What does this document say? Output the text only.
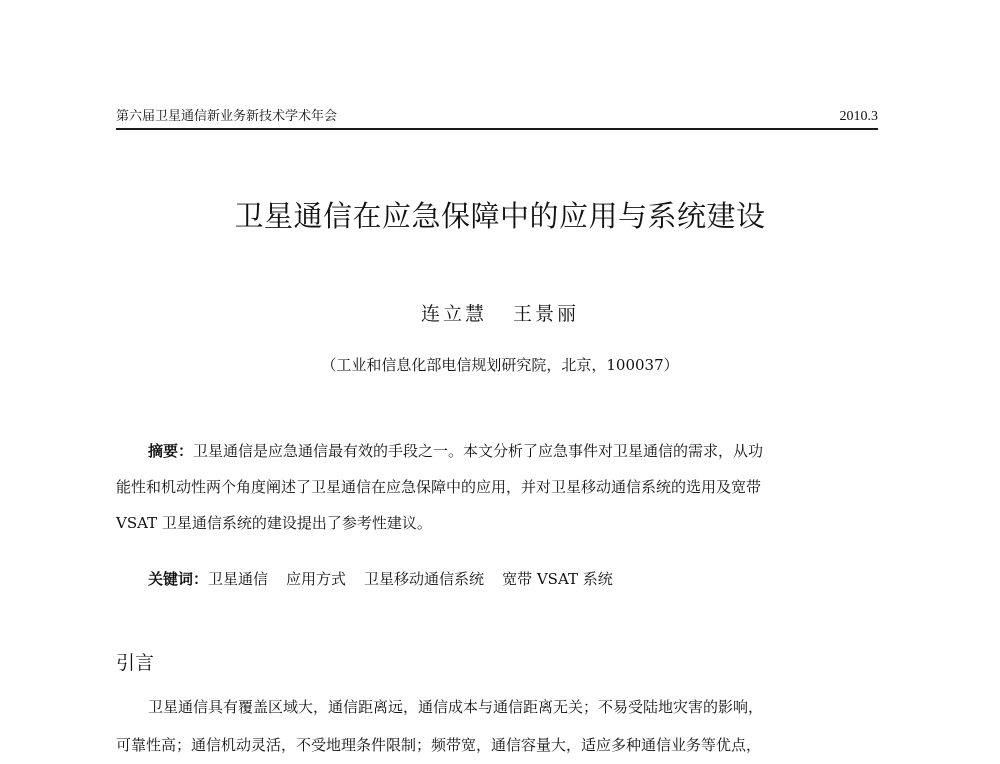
第六届卫星通信新业务新技术学术年会	2010.3
卫星通信在应急保障中的应用与系统建设
连立慧 王景丽
（工业和信息化部电信规划研究院，北京，100037）
摘要：卫星通信是应急通信最有效的手段之一。本文分析了应急事件对卫星通信的需求，从功
能性和机动性两个角度阐述了卫星通信在应急保障中的应用，并对卫星移动通信系统的选用及宽带
VSAT 卫星通信系统的建设提出了参考性建议。
关键词：卫星通信 应用方式 卫星移动通信系统 宽带 VSAT 系统
引言
卫星通信具有覆盖区域大，通信距离远，通信成本与通信距离无关；不易受陆地灾害的影响，
可靠性高；通信机动灵活，不受地理条件限制；频带宽，通信容量大，适应多种通信业务等优点，
